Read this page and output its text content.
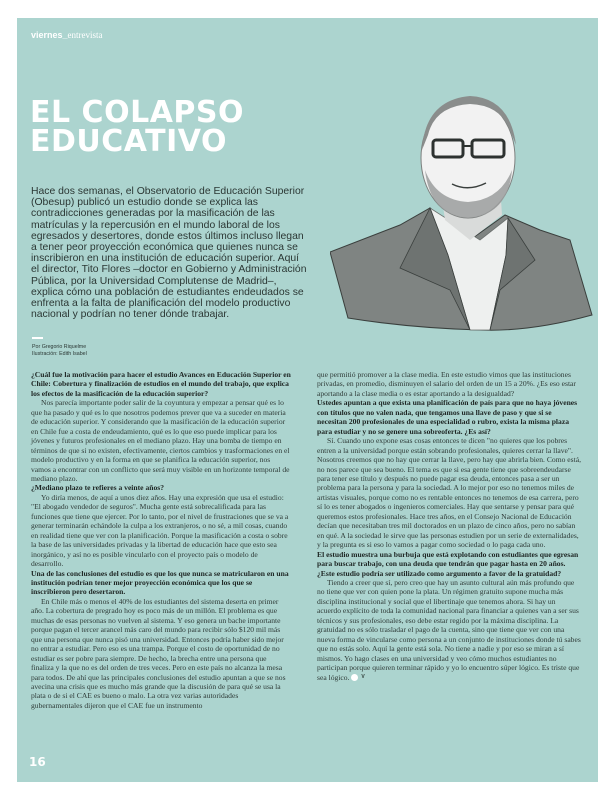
viernes_entrevista
EL COLAPSO
EDUCATIVO

Hace dos semanas, el Observatorio de Educación Superior (Obesup) publicó un estudio donde se explica las contradicciones generadas por la masificación de las matrículas y la repercusión en el mundo laboral de los egresados y desertores, donde estos últimos incluso llegan a tener peor proyección económica que quienes nunca se inscribieron en una institución de educación superior. Aquí el director, Tito Flores –doctor en Gobierno y Administración Pública, por la Universidad Complutense de Madrid–, explica cómo una población de estudiantes endeudados se enfrenta a la falta de planificación del modelo productivo nacional y podrían no tener dónde trabajar.

Por Gregorio Riquelme
Ilustración: Edith Isabel
¿Cuál fue la motivación para hacer el estudio Avances en Educación Superior en Chile: Cobertura y finalización de estudios en el mundo del trabajo, que explica los efectos de la masificación de la educación superior?
Nos parecía importante poder salir de la coyuntura y empezar a pensar qué es lo que ha pasado y qué es lo que nosotros podemos prever que va a suceder en materia de educación superior. Y considerando que la masificación de la educación superior en Chile fue a costa de endeudamiento, qué es lo que eso puede implicar para los jóvenes y futuros profesionales en el mediano plazo. Hay una bomba de tiempo en términos de que si no existen, efectivamente, ciertos cambios y trasformaciones en el modelo productivo y en la forma en que se planifica la educación superior, nos vamos a encontrar con un conflicto que será muy visible en un horizonte temporal de mediano plazo.
¿Mediano plazo te refieres a veinte años?
Yo diría menos, de aquí a unos diez años. Hay una expresión que usa el estudio: "El abogado vendedor de seguros". Mucha gente está sobrecalificada para las funciones que tiene que ejercer. Por lo tanto, por el nivel de frustraciones que se va a generar terminarán echándole la culpa a los extranjeros, o no sé, a mil cosas, cuando en realidad tiene que ver con la planificación. Porque la masificación a costa o sobre la base de las universidades privadas y la libertad de educación hace que esto sea inorgánico, y así no es posible vincularlo con el proyecto país o modelo de desarrollo.
Una de las conclusiones del estudio es que los que nunca se matricularon en una institución podrían tener mejor proyección económica que los que se inscribieron pero desertaron.
En Chile más o menos el 40% de los estudiantes del sistema deserta en primer año. La cobertura de pregrado hoy es poco más de un millón. El problema es que muchas de esas personas no vuelven al sistema. Y eso genera un bache importante porque pagan el tercer arancel más caro del mundo para recibir sólo $120 mil más que una persona que nunca pisó una universidad. Entonces podría haber sido mejor no entrar a estudiar. Pero eso es una trampa. Porque el costo de oportunidad de no estudiar es ser pobre para siempre. De hecho, la brecha entre una persona que finaliza y la que no es del orden de tres veces. Pero en este país no alcanza la mesa para todos. De ahí que las principales conclusiones del estudio apuntan a que se nos avecina una crisis que es mucho más grande que la discusión de para qué se usa la plata o de si el CAE es bueno o malo. La otra vez varias autoridades gubernamentales dijeron que el CAE fue un instrumento
que permitió promover a la clase media. En este estudio vimos que las instituciones privadas, en promedio, disminuyen el salario del orden de un 15 a 20%. ¿Es eso estar aportando a la clase media o es estar aportando a la desigualdad?
Ustedes apuntan a que exista una planificación de país para que no haya jóvenes con títulos que no valen nada, que tengamos una llave de paso y que si se necesitan 200 profesionales de una especialidad o rubro, exista la misma plaza para estudiar y no se genere una sobreoferta. ¿Es así?
Sí. Cuando uno expone esas cosas entonces te dicen "no quieres que los pobres entren a la universidad porque están sobrando profesionales, quieres cerrar la llave". Nosotros creemos que no hay que cerrar la llave, pero hay que abrirla bien. Como está, no nos parece que sea bueno. El tema es que si esa gente tiene que sobreendeudarse para tener ese título y después no puede pagar esa deuda, entonces pasa a ser un problema para la persona y para la sociedad. A lo mejor por eso no tenemos miles de artistas visuales, porque como no es rentable entonces no tenemos de esa carrera, pero sí lo es tener abogados o ingenieros comerciales. Hay que sentarse y pensar para qué queremos estos profesionales. Hace tres años, en el Consejo Nacional de Educación decían que necesitaban tres mil doctorados en un plazo de cinco años, pero no sabían en qué. A la sociedad le sirve que las personas estudien por un serie de externalidades, y la pregunta es si eso lo vamos a pagar como sociedad o lo paga cada uno.
El estudio muestra una burbuja que está explotando con estudiantes que egresan para buscar trabajo, con una deuda que tendrán que pagar hasta en 20 años. ¿Este estudio podría ser utilizado como argumento a favor de la gratuidad?
Tiendo a creer que sí, pero creo que hay un asunto cultural aún más profundo que no tiene que ver con quien pone la plata. Un régimen gratuito supone mucha más disciplina institucional y social que el libertinaje que tenemos ahora. Si hay un acuerdo explícito de toda la comunidad nacional para financiar a quienes van a ser sus técnicos y sus profesionales, eso debe estar regido por la máxima disciplina. La gratuidad no es sólo trasladar el pago de la cuenta, sino que tiene que ver con una nueva forma de vincularse como persona a un conjunto de instituciones donde tú sabes que no estás solo. Aquí la gente está sola. No tiene a nadie y por eso se miran a sí mismos. Yo hago clases en una universidad y veo cómo muchos estudiantes no participan porque quieren terminar rápido y yo lo encuentro súper lógico. Es triste que sea lógico. V
16
